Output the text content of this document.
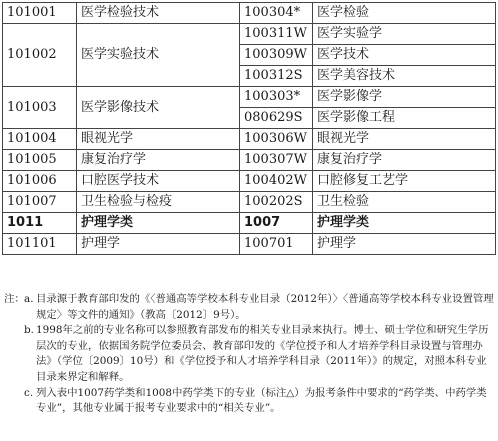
101001	医学检验技术	100304*	医学检验
101002	医学实验技术	100311W	医学实验学
		100309W	医学技术
		100312S	医学美容技术
101003	医学影像技术	100303*	医学影像学
		080629S	医学影像工程
101004	眼视光学	100306W	眼视光学
101005	康复治疗学	100307W	康复治疗学
101006	口腔医学技术	100402W	口腔修复工艺学
101007	卫生检验与检疫	100202S	卫生检验
1011	护理学类	1007	护理学类
101101	护理学	100701	护理学
注： a. 目录源于教育部印发的《〈普通高等学校本科专业目录（2012年）〉〈普通高等学校本科专业设置管理规定〉等文件的通知》（教高〔2012〕9号）。
b. 1998年之前的专业名称可以参照教育部发布的相关专业目录来执行。博士、硕士学位和研究生学历层次的专业，依据国务院学位委员会、教育部印发的《学位授予和人才培养学科目录设置与管理办法》（学位〔2009〕10号）和《学位授予和人才培养学科目录（2011年）》的规定，对照本科专业目录来界定和解释。
c. 列入表中1007药学类和1008中药学类下的专业（标注△）为报考条件中要求的“药学类、中药学类专业”，其他专业属于报考专业要求中的“相关专业”。
